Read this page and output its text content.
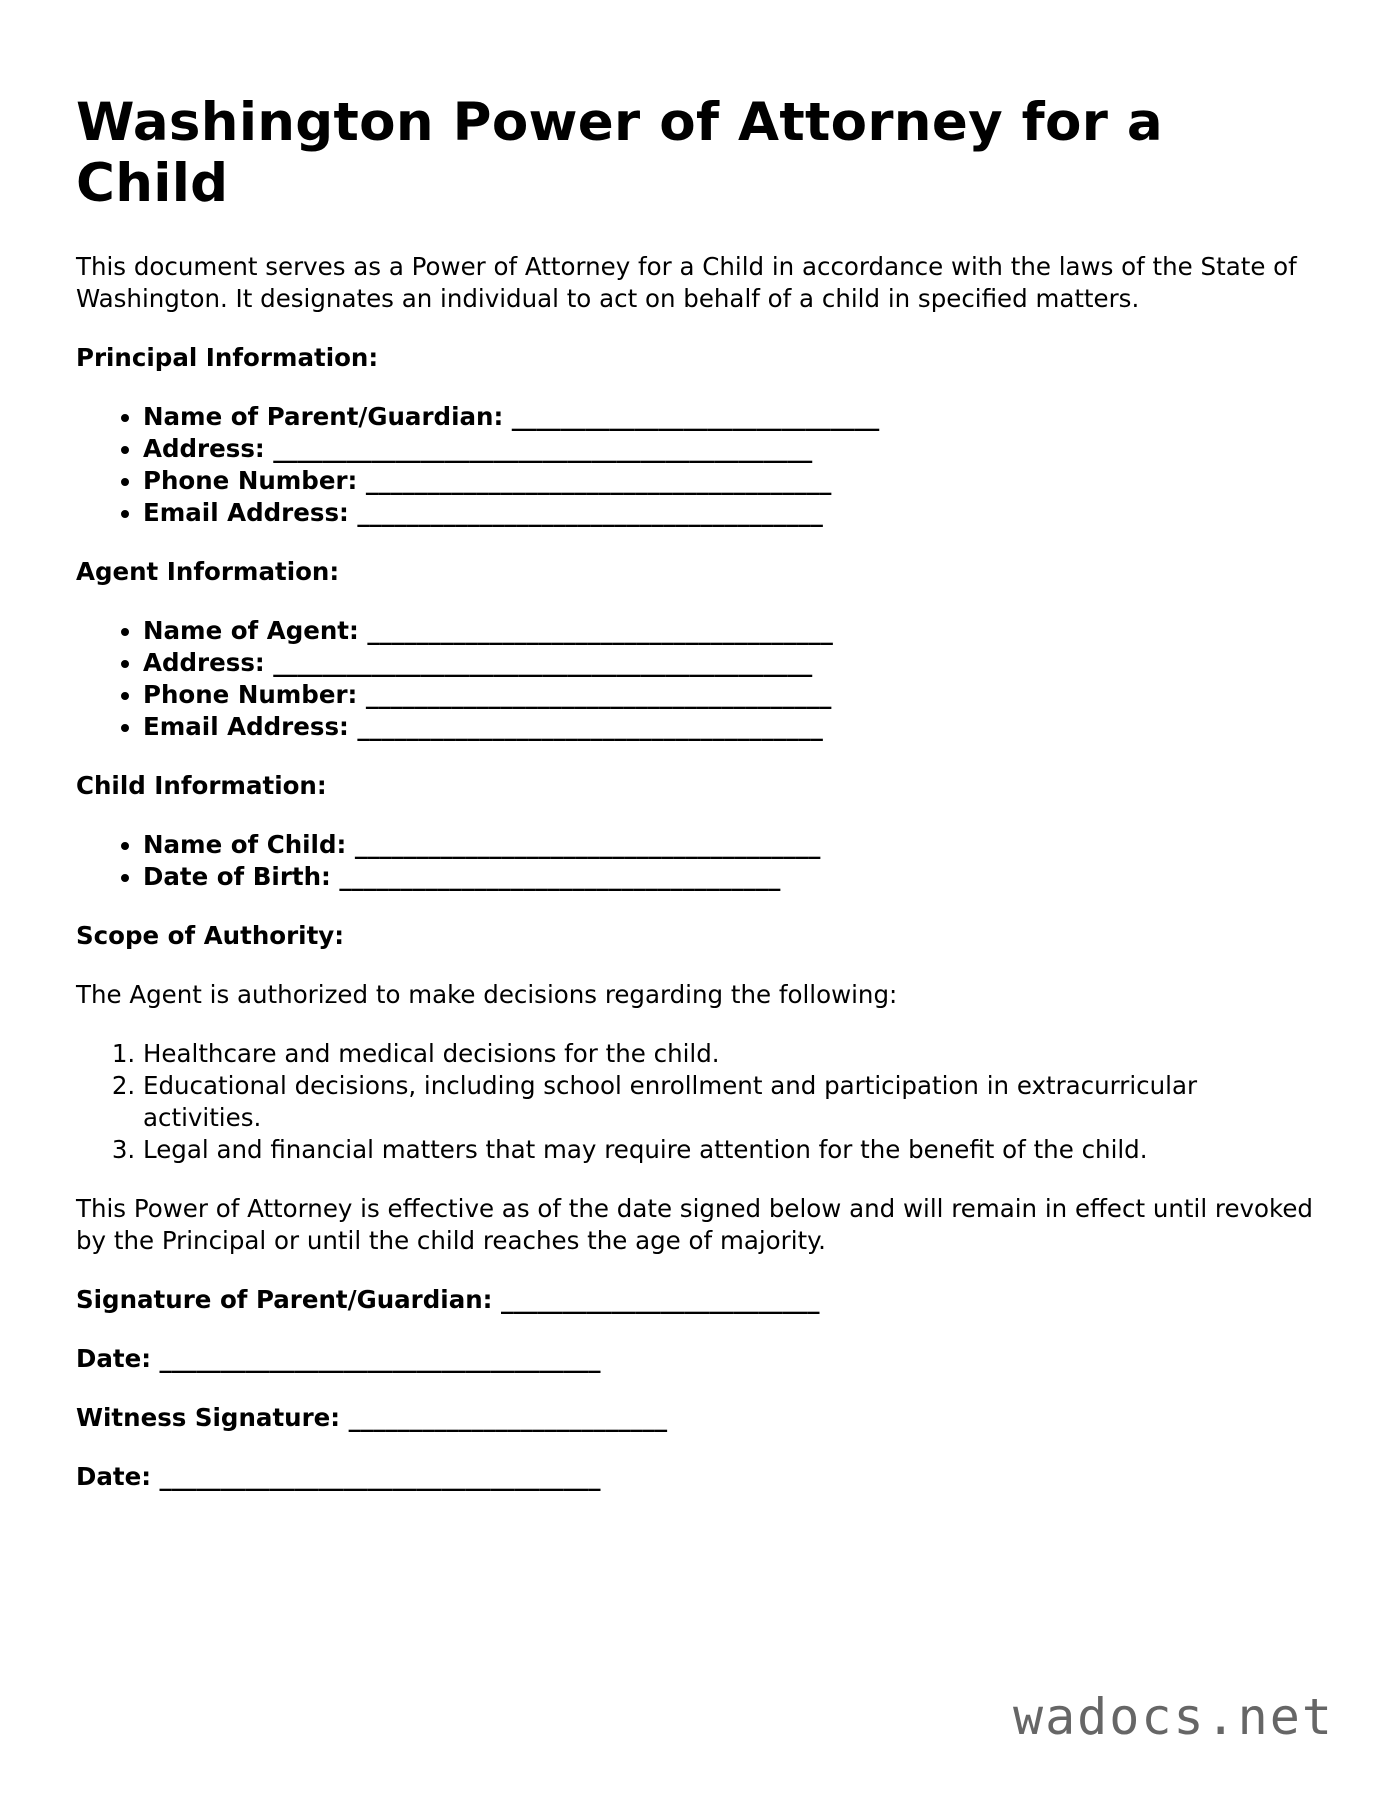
Washington Power of Attorney for a Child

This document serves as a Power of Attorney for a Child in accordance with the laws of the State of Washington. It designates an individual to act on behalf of a child in specified matters.

Principal Information:
• Name of Parent/Guardian: ______________________________
• Address: ____________________________________________
• Phone Number: ______________________________________
• Email Address: ______________________________________
Agent Information:
• Name of Agent: ______________________________________
• Address: ____________________________________________
• Phone Number: ______________________________________
• Email Address: ______________________________________
Child Information:
• Name of Child: ______________________________________
• Date of Birth: ____________________________________
Scope of Authority:

The Agent is authorized to make decisions regarding the following:

1. Healthcare and medical decisions for the child.
2. Educational decisions, including school enrollment and participation in extracurricular activities.
3. Legal and financial matters that may require attention for the benefit of the child.

This Power of Attorney is effective as of the date signed below and will remain in effect until revoked by the Principal or until the child reaches the age of majority.

Signature of Parent/Guardian: __________________________
Date: ____________________________________
Witness Signature: __________________________
Date: ____________________________________
wadocs.net
